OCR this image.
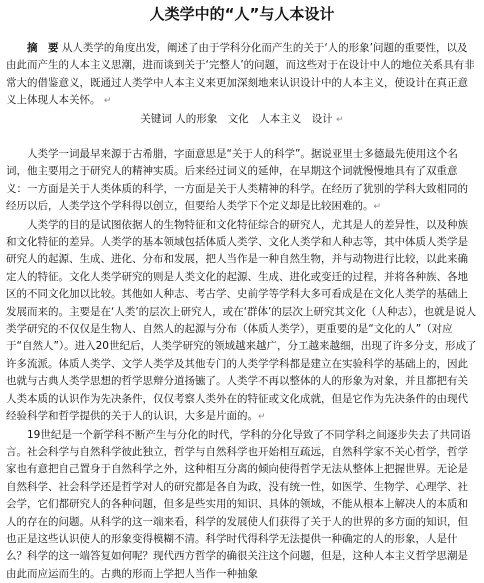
人类学中的“人”与人本设计

摘　要 从人类学的角度出发，阐述了由于学科分化而产生的关于‘人的形象’问题的重要性，以及由此而产生的人本主义思潮，进而谈到关于‘完整人’的问题，而这些对于在设计中人的地位关系具有非常大的借鉴意义，既通过人类学中人本主义来更加深刻地来认识设计中的人本主义，使设计在真正意义上体现人本关怀。 ↵

关键词 人的形象　文化　人本主义　设计 ↵

人类学一词最早来源于古希腊，字面意思是“关于人的科学”。据说亚里士多德最先使用这个名词，他主要用之于研究人的精神实质。后来经过词义的延伸，在早期这个词就慢慢地具有了双重意义：一方面是关于人类体质的科学，一方面是关于人类精神的科学。在经历了犹别的学科大致相同的经历以后，人类学这个学科得以创立，但要给人类学下个定义却是比较困难的。↵

人类学的目的是试图依据人的生物特征和文化特征综合的研究人，尤其是人的差异性，以及种族和文化特征的差异。人类学的基本领域包括体质人类学、文化人类学和人种志等，其中体质人类学是研究人的起源、生成、进化、分布和发展，把人当作是一种自然生物，并与动物进行比较，以此来确定人的特征。文化人类学研究的则是人类文化的起源、生成、进化或变迁的过程，并将各种族、各地区的不同文化加以比较。其他如人种志、考古学、史前学等学科大多可看成是在文化人类学的基础上发展而来的。主要是在‘人类’的层次上研究人，或在‘群体’的层次上研究其文化（人种志），也就是说人类学研究的不仅仅是生物人、自然人的起源与分布（体质人类学），更重要的是“文化的人”（对应于“自然人”）。进入20世纪后，人类学研究的领域越来越广，分工越来越细，出现了许多分支，形成了许多流派。体质人类学、文学人类学及其他专门的人类学学科都是建立在实验科学的基础上的，因此也就与古典人类学思想的哲学思辩分道扬镳了。人类学不再以整体的人的形象为对象，并且都把有关人类本质的认识作为先决条件，仅仅考察人类外在的特征或文化成就，但是它作为先决条件的由现代经验科学和哲学提供的关于人的认识，大多是片面的。↵

19世纪是一个新学科不断产生与分化的时代，学科的分化导致了不同学科之间逐步失去了共同语言。社会科学与自然科学彼此独立，哲学与自然科学也开始相互疏远，自然科学家不关心哲学，哲学家也有意把自己置身于自然科学之外，这种相互分离的倾向使得哲学无法从整体上把握世界。无论是自然科学、社会科学还是哲学对人的研究都是各自为政，没有统一性，如医学、生物学、心理学、社会学，它们都研究人的各种问题，但多是些实用的知识、具体的领域，不能从根本上解决人的本质和人的存在的问题。从科学的这一端来看，科学的发展使人们获得了关于人的世界的多方面的知识，但也正是这些认识使人的形象变得模糊不清。科学时代得科学无法提供一种确定的人的形象，人是什么？科学的这一端答复如何呢？现代西方哲学的确很关注这个问题，但是，这种人本主义哲学思潮是由此而应运而生的。古典的形而上学把人当作一种抽象
